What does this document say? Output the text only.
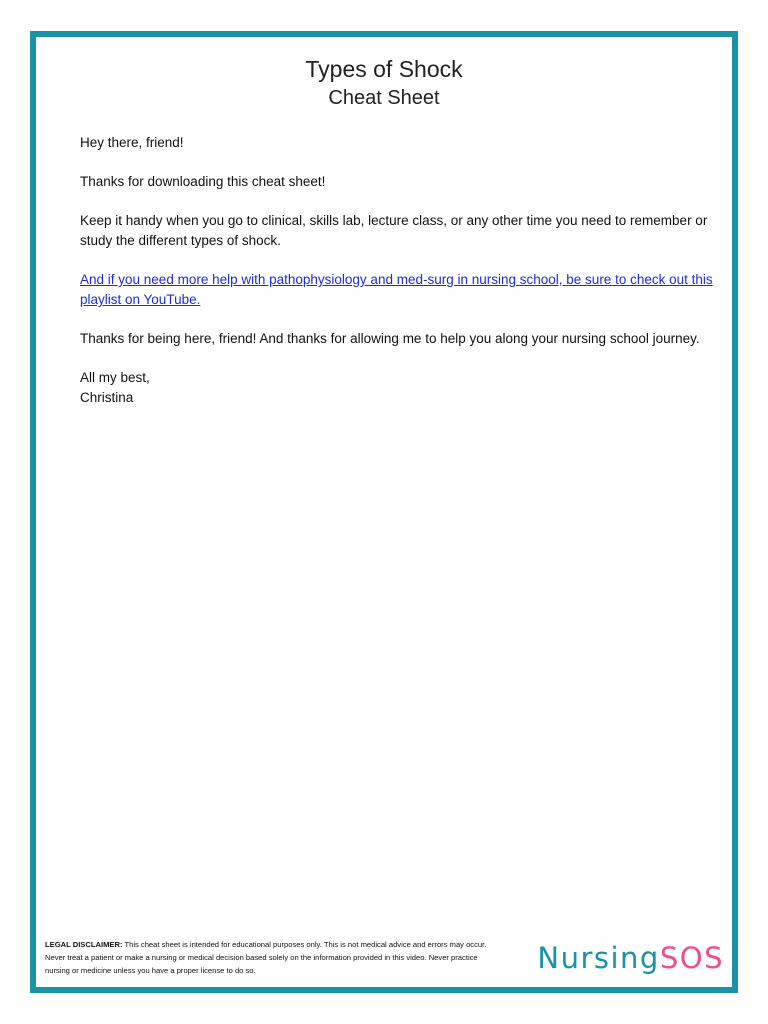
Types of Shock
Cheat Sheet

Hey there, friend!

Thanks for downloading this cheat sheet!

Keep it handy when you go to clinical, skills lab, lecture class, or any other time you need to remember or study the different types of shock.

And if you need more help with pathophysiology and med-surg in nursing school, be sure to check out this playlist on YouTube.

Thanks for being here, friend! And thanks for allowing me to help you along your nursing school journey.

All my best,
Christina
LEGAL DISCLAIMER: This cheat sheet is intended for educational purposes only. This is not medical advice and errors may occur. Never treat a patient or make a nursing or medical decision based solely on the information provided in this video. Never practice nursing or medicine unless you have a proper license to do so.	NursingSOS
